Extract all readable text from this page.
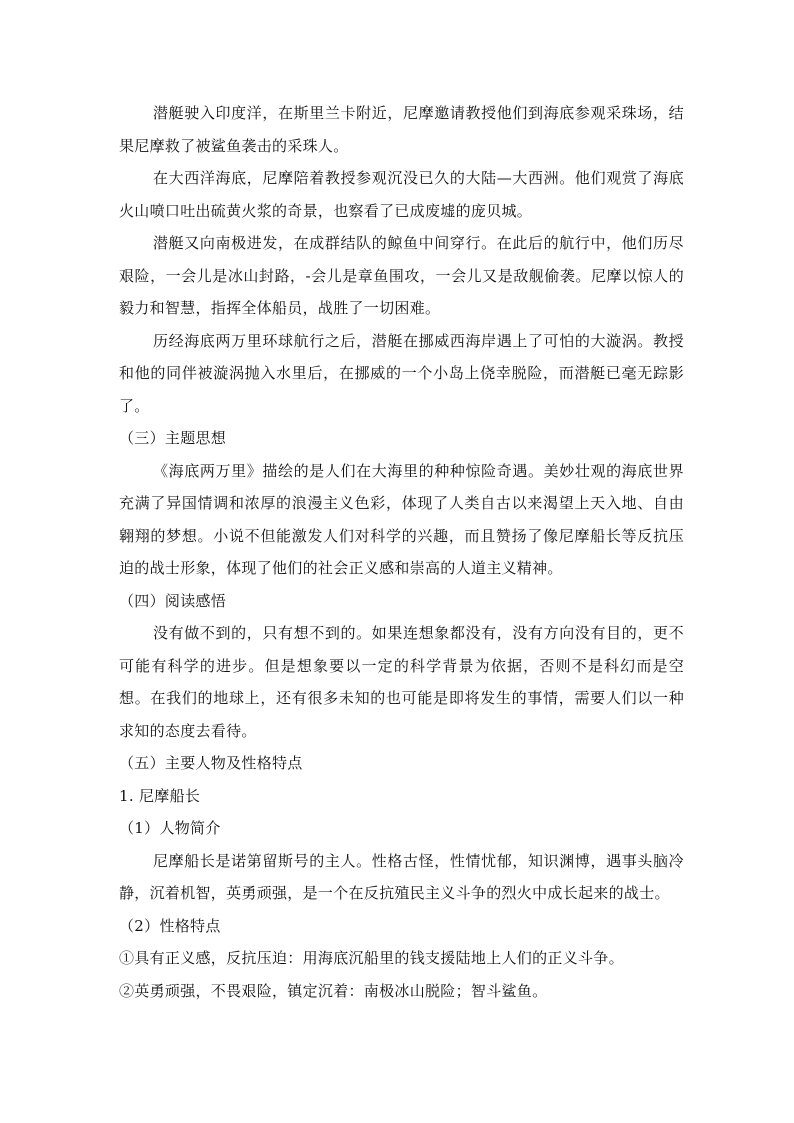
潜艇驶入印度洋，在斯里兰卡附近，尼摩邀请教授他们到海底参观采珠场，结果尼摩救了被鲨鱼袭击的采珠人。

在大西洋海底，尼摩陪着教授参观沉没已久的大陆—大西洲。他们观赏了海底火山喷口吐出硫黄火浆的奇景，也察看了已成废墟的庞贝城。

潜艇又向南极进发，在成群结队的鲸鱼中间穿行。在此后的航行中，他们历尽艰险，一会儿是冰山封路，-会儿是章鱼围攻，一会儿又是敌舰偷袭。尼摩以惊人的毅力和智慧，指挥全体船员，战胜了一切困难。

历经海底两万里环球航行之后，潜艇在挪威西海岸遇上了可怕的大漩涡。教授和他的同伴被漩涡抛入水里后，在挪威的一个小岛上侥幸脱险，而潜艇已毫无踪影了。

（三）主题思想

《海底两万里》描绘的是人们在大海里的种种惊险奇遇。美妙壮观的海底世界充满了异国情调和浓厚的浪漫主义色彩，体现了人类自古以来渴望上天入地、自由翱翔的梦想。小说不但能激发人们对科学的兴趣，而且赞扬了像尼摩船长等反抗压迫的战士形象，体现了他们的社会正义感和崇高的人道主义精神。

（四）阅读感悟

没有做不到的，只有想不到的。如果连想象都没有，没有方向没有目的，更不可能有科学的进步。但是想象要以一定的科学背景为依据，否则不是科幻而是空想。在我们的地球上，还有很多未知的也可能是即将发生的事情，需要人们以一种求知的态度去看待。

（五）主要人物及性格特点

1. 尼摩船长

（1）人物简介

尼摩船长是诺第留斯号的主人。性格古怪，性情忧郁，知识渊博，遇事头脑冷静，沉着机智，英勇顽强，是一个在反抗殖民主义斗争的烈火中成长起来的战士。

（2）性格特点

①具有正义感，反抗压迫：用海底沉船里的钱支援陆地上人们的正义斗争。

②英勇顽强，不畏艰险，镇定沉着：南极冰山脱险；智斗鲨鱼。
